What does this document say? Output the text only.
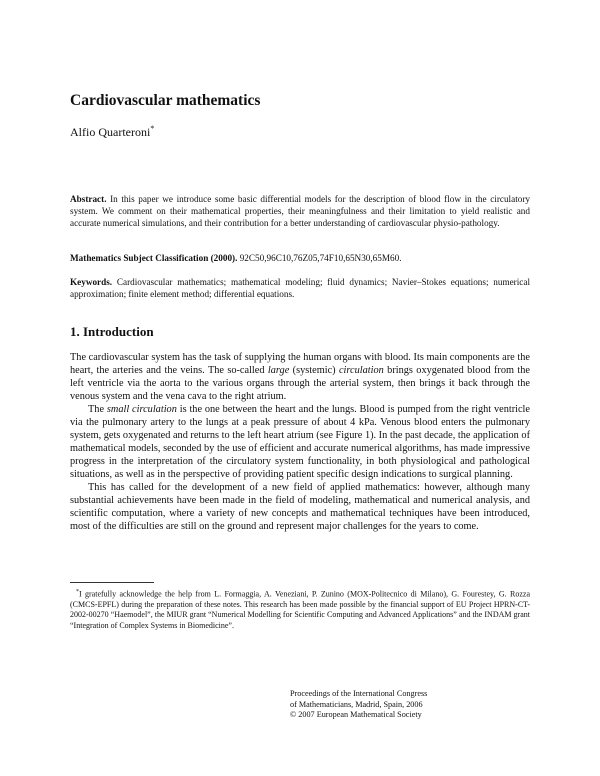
Cardiovascular mathematics
Alfio Quarteroni*
Abstract. In this paper we introduce some basic differential models for the description of blood flow in the circulatory system. We comment on their mathematical properties, their meaningfulness and their limitation to yield realistic and accurate numerical simulations, and their contribution for a better understanding of cardiovascular physio-pathology.
Mathematics Subject Classification (2000). 92C50,96C10,76Z05,74F10,65N30,65M60.
Keywords. Cardiovascular mathematics; mathematical modeling; fluid dynamics; Navier–Stokes equations; numerical approximation; finite element method; differential equations.
1. Introduction

The cardiovascular system has the task of supplying the human organs with blood. Its main components are the heart, the arteries and the veins. The so-called large (systemic) circulation brings oxygenated blood from the left ventricle via the aorta to the various organs through the arterial system, then brings it back through the venous system and the vena cava to the right atrium.

The small circulation is the one between the heart and the lungs. Blood is pumped from the right ventricle via the pulmonary artery to the lungs at a peak pressure of about 4 kPa. Venous blood enters the pulmonary system, gets oxygenated and returns to the left heart atrium (see Figure 1). In the past decade, the application of mathematical models, seconded by the use of efficient and accurate numerical algorithms, has made impressive progress in the interpretation of the circulatory system functionality, in both physiological and pathological situations, as well as in the perspective of providing patient specific design indications to surgical planning.

This has called for the development of a new field of applied mathematics: however, although many substantial achievements have been made in the field of modeling, mathematical and numerical analysis, and scientific computation, where a variety of new concepts and mathematical techniques have been introduced, most of the difficulties are still on the ground and represent major challenges for the years to come.

*I gratefully acknowledge the help from L. Formaggia, A. Veneziani, P. Zunino (MOX-Politecnico di Milano), G. Fourestey, G. Rozza (CMCS-EPFL) during the preparation of these notes. This research has been made possible by the financial support of EU Project HPRN-CT-2002-00270 “Haemodel”, the MIUR grant “Numerical Modelling for Scientific Computing and Advanced Applications” and the INDAM grant “Integration of Complex Systems in Biomedicine”.

Proceedings of the International Congress
of Mathematicians, Madrid, Spain, 2006
© 2007 European Mathematical Society
